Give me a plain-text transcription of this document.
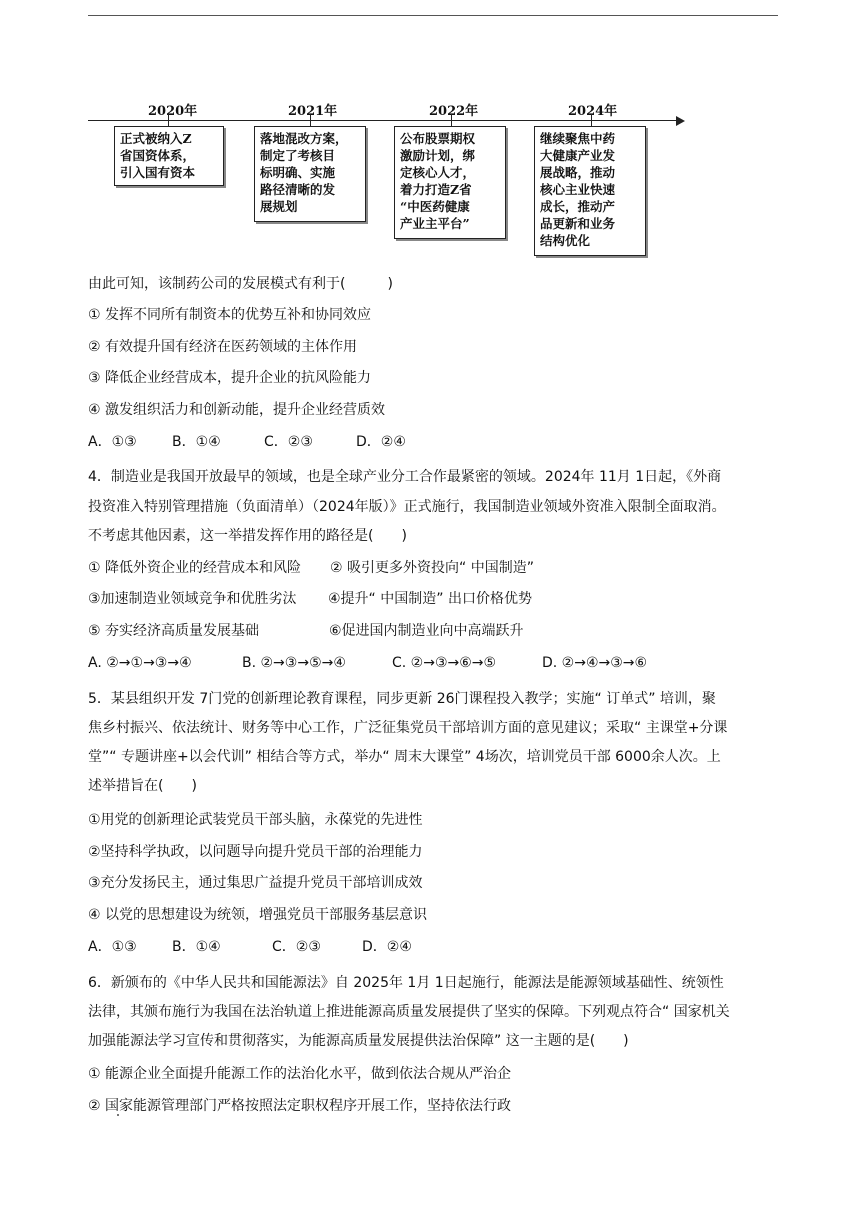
2020年	2021年	2022年	2024年
正式被纳入Z
省国资体系，
引入国有资本
落地混改方案，
制定了考核目
标明确、实施
路径清晰的发
展规划
公布股票期权
激励计划，绑
定核心人才，
着力打造Z省
“中医药健康
产业主平台”
继续聚焦中药
大健康产业发
展战略，推动
核心主业快速
成长，推动产
品更新和业务
结构优化
由此可知，该制药公司的发展模式有利于(　　　)
① 发挥不同所有制资本的优势互补和协同效应
② 有效提升国有经济在医药领域的主体作用
③ 降低企业经营成本，提升企业的抗风险能力
④ 激发组织活力和创新动能，提升企业经营质效
A．①③	B．①④	C．②③	D．②④
4．制造业是我国开放最早的领域，也是全球产业分工合作最紧密的领域。2024年 11月 1日起，《外商
投资准入特别管理措施（负面清单）（2024年版）》正式施行，我国制造业领域外资准入限制全面取消。
不考虑其他因素，这一举措发挥作用的路径是(　　)
① 降低外资企业的经营成本和风险 ② 吸引更多外资投向“ 中国制造”
③加速制造业领域竞争和优胜劣汰 ④提升“ 中国制造” 出口价格优势
⑤ 夯实经济高质量发展基础	⑥促进国内制造业向中高端跃升
A. ②→①→③→④	B. ②→③→⑤→④	C. ②→③→⑥→⑤	D. ②→④→③→⑥
5．某县组织开发 7门党的创新理论教育课程，同步更新 26门课程投入教学；实施“ 订单式” 培训，聚
焦乡村振兴、依法统计、财务等中心工作，广泛征集党员干部培训方面的意见建议；采取“ 主课堂+分课
堂”“ 专题讲座+以会代训” 相结合等方式，举办“ 周末大课堂” 4场次，培训党员干部 6000余人次。上
述举措旨在(　　)
①用党的创新理论武装党员干部头脑，永葆党的先进性
②坚持科学执政，以问题导向提升党员干部的治理能力
③充分发扬民主，通过集思广益提升党员干部培训成效
④ 以党的思想建设为统领，增强党员干部服务基层意识
A．①③	B．①④	C．②③	D．②④
6．新颁布的《中华人民共和国能源法》自 2025年 1月 1日起施行，能源法是能源领域基础性、统领性
法律，其颁布施行为我国在法治轨道上推进能源高质量发展提供了坚实的保障。下列观点符合“ 国家机关
加强能源法学习宣传和贯彻落实，为能源高质量发展提供法治保障” 这一主题的是(　　)
① 能源企业全面提升能源工作的法治化水平，做到依法合规从严治企
② 国家能源管理部门严格按照法定职权程序开展工作，坚持依法行政
